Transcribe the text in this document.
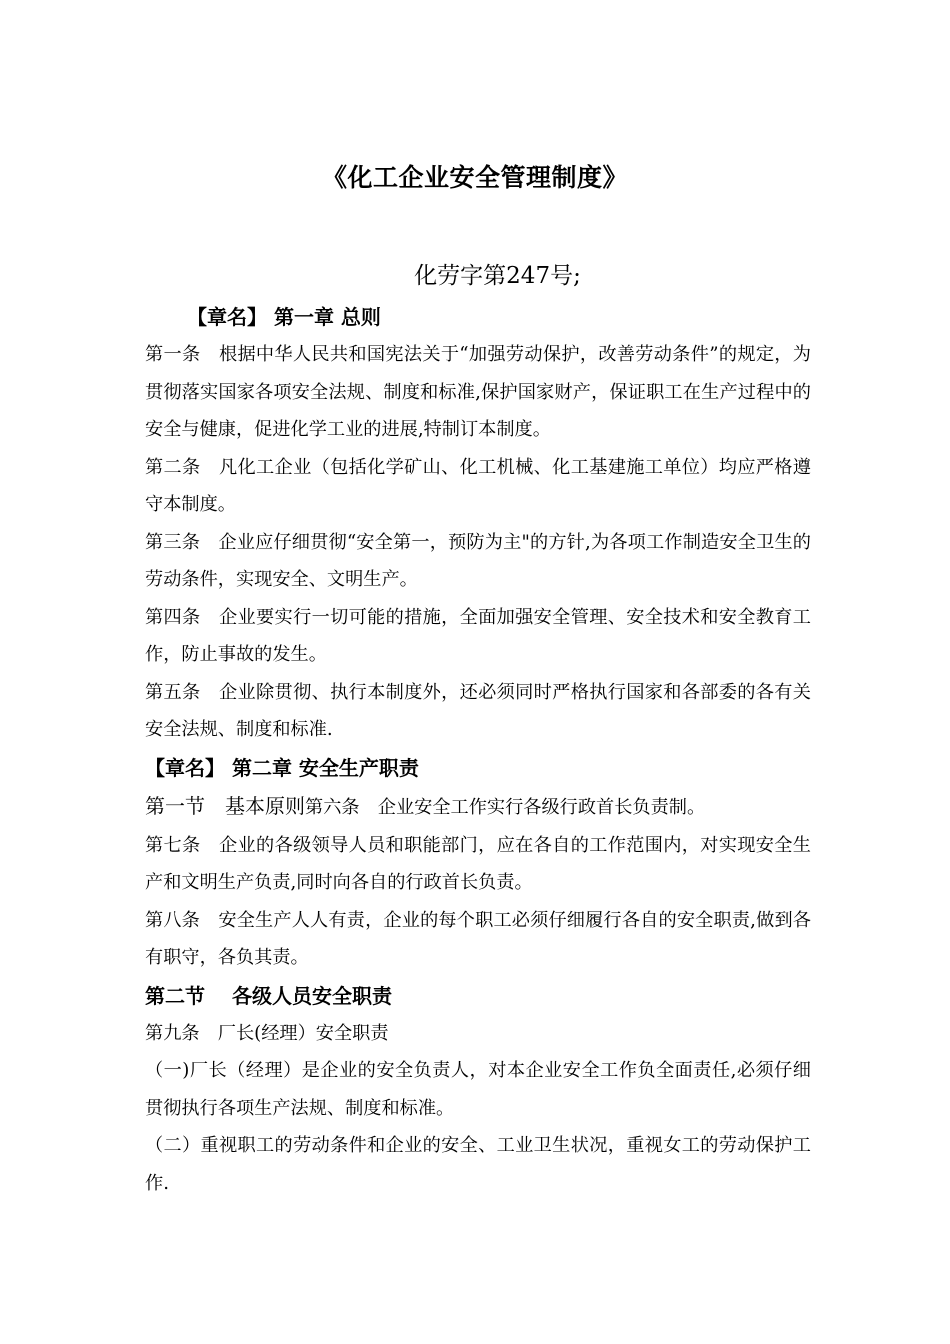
《化工企业安全管理制度》
化劳字第247号;

【章名】 第一章 总则

第一条　根据中华人民共和国宪法关于“加强劳动保护，改善劳动条件”的规定，为贯彻落实国家各项安全法规、制度和标准,保护国家财产，保证职工在生产过程中的安全与健康，促进化学工业的进展,特制订本制度。

第二条　凡化工企业（包括化学矿山、化工机械、化工基建施工单位）均应严格遵守本制度。

第三条　企业应仔细贯彻“安全第一，预防为主"的方针,为各项工作制造安全卫生的劳动条件，实现安全、文明生产。

第四条　企业要实行一切可能的措施，全面加强安全管理、安全技术和安全教育工作，防止事故的发生。

第五条　企业除贯彻、执行本制度外，还必须同时严格执行国家和各部委的各有关安全法规、制度和标准.

【章名】 第二章 安全生产职责

第一节　基本原则第六条　企业安全工作实行各级行政首长负责制。

第七条　企业的各级领导人员和职能部门，应在各自的工作范围内，对实现安全生产和文明生产负责,同时向各自的行政首长负责。

第八条　安全生产人人有责，企业的每个职工必须仔细履行各自的安全职责,做到各有职守，各负其责。

第二节　 各级人员安全职责

第九条　厂长(经理）安全职责

（一)厂长（经理）是企业的安全负责人，对本企业安全工作负全面责任,必须仔细贯彻执行各项生产法规、制度和标准。

（二）重视职工的劳动条件和企业的安全、工业卫生状况，重视女工的劳动保护工作.
